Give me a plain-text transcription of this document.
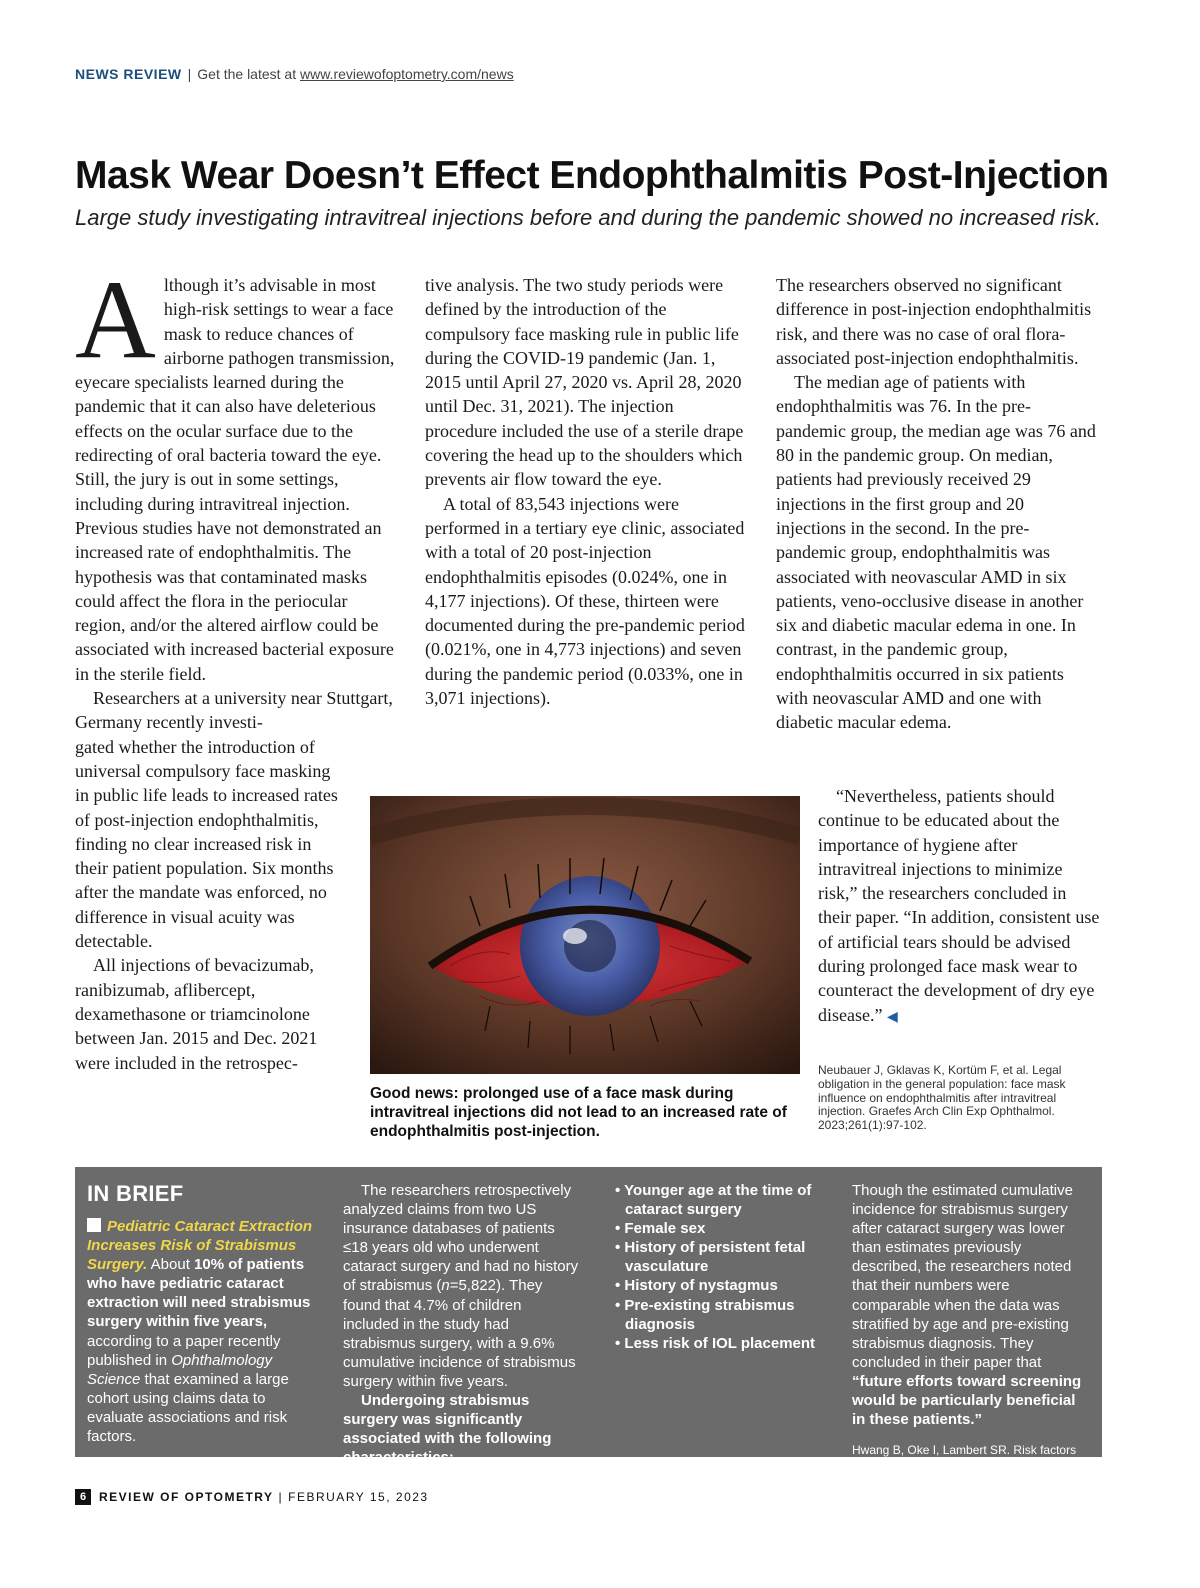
NEWS REVIEW | Get the latest at www.reviewofoptometry.com/news
Mask Wear Doesn’t Effect Endophthalmitis Post-Injection
Large study investigating intravitreal injections before and during the pandemic showed no increased risk.

Although it’s advisable in most high-risk settings to wear a face mask to reduce chances of airborne pathogen transmission, eyecare specialists learned during the pandemic that it can also have deleterious effects on the ocular surface due to the redirecting of oral bacteria toward the eye. Still, the jury is out in some settings, including during intravitreal injection. Previous studies have not demonstrated an increased rate of endophthalmitis. The hypothesis was that contaminated masks could affect the flora in the periocular region, and/or the altered airflow could be associated with increased bacterial exposure in the sterile field.

Researchers at a university near Stuttgart, Germany recently investi-

gated whether the introduction of universal compulsory face masking in public life leads to increased rates of post-injection endophthalmitis, finding no clear increased risk in their patient population. Six months after the mandate was enforced, no difference in visual acuity was detectable.

All injections of bevacizumab, ranibizumab, aflibercept, dexamethasone or triamcinolone between Jan. 2015 and Dec. 2021 were included in the retrospec-

tive analysis. The two study periods were defined by the introduction of the compulsory face masking rule in public life during the COVID-19 pandemic (Jan. 1, 2015 until April 27, 2020 vs. April 28, 2020 until Dec. 31, 2021). The injection procedure included the use of a sterile drape covering the head up to the shoulders which prevents air flow toward the eye.

A total of 83,543 injections were performed in a tertiary eye clinic, associated with a total of 20 post-injection endophthalmitis episodes (0.024%, one in 4,177 injections). Of these, thirteen were documented during the pre-pandemic period (0.021%, one in 4,773 injections) and seven during the pandemic period (0.033%, one in 3,071 injections).

The researchers observed no significant difference in post-injection endophthalmitis risk, and there was no case of oral flora-associated post-injection endophthalmitis.

The median age of patients with endophthalmitis was 76. In the pre-pandemic group, the median age was 76 and 80 in the pandemic group. On median, patients had previously received 29 injections in the first group and 20 injections in the second. In the pre-pandemic group, endophthalmitis was associated with neovascular AMD in six patients, veno-occlusive disease in another six and diabetic macular edema in one. In contrast, in the pandemic group, endophthalmitis occurred in six patients with neovascular AMD and one with diabetic macular edema.

“Nevertheless, patients should continue to be educated about the importance of hygiene after intravitreal injections to minimize risk,” the researchers concluded in their paper. “In addition, consistent use of artificial tears should be advised during prolonged face mask wear to counteract the development of dry eye disease.” ◀

Good news: prolonged use of a face mask during intravitreal injections did not lead to an increased rate of endophthalmitis post-injection.
Neubauer J, Gklavas K, Kortüm F, et al. Legal obligation in the general population: face mask influence on endophthalmitis after intravitreal injection. Graefes Arch Clin Exp Ophthalmol. 2023;261(1):97-102.
IN BRIEF

Pediatric Cataract Extraction Increases Risk of Strabismus Surgery. About 10% of patients who have pediatric cataract extraction will need strabismus surgery within five years, according to a paper recently published in Ophthalmology Science that examined a large cohort using claims data to evaluate associations and risk factors.

The researchers retrospectively analyzed claims from two US insurance databases of patients ≤18 years old who underwent cataract surgery and had no history of strabismus (n=5,822). They found that 4.7% of children included in the study had strabismus surgery, with a 9.6% cumulative incidence of strabismus surgery within five years.

Undergoing strabismus surgery was significantly associated with the following characteristics:

• Younger age at the time of cataract surgery
• Female sex
• History of persistent fetal vasculature
• History of nystagmus
• Pre-existing strabismus diagnosis
• Less risk of IOL placement

Though the estimated cumulative incidence for strabismus surgery after cataract surgery was lower than estimates previously described, the researchers noted that their numbers were comparable when the data was stratified by age and pre-existing strabismus diagnosis. They concluded in their paper that “future efforts toward screening would be particularly beneficial in these patients.”

Hwang B, Oke I, Lambert SR. Risk factors for strabismus surgery after pediatric cataract surgery in the United States. Ophthalmol Sci. January 5, 2023. [Epub ahead of print].

6	REVIEW OF OPTOMETRY | FEBRUARY 15, 2023
